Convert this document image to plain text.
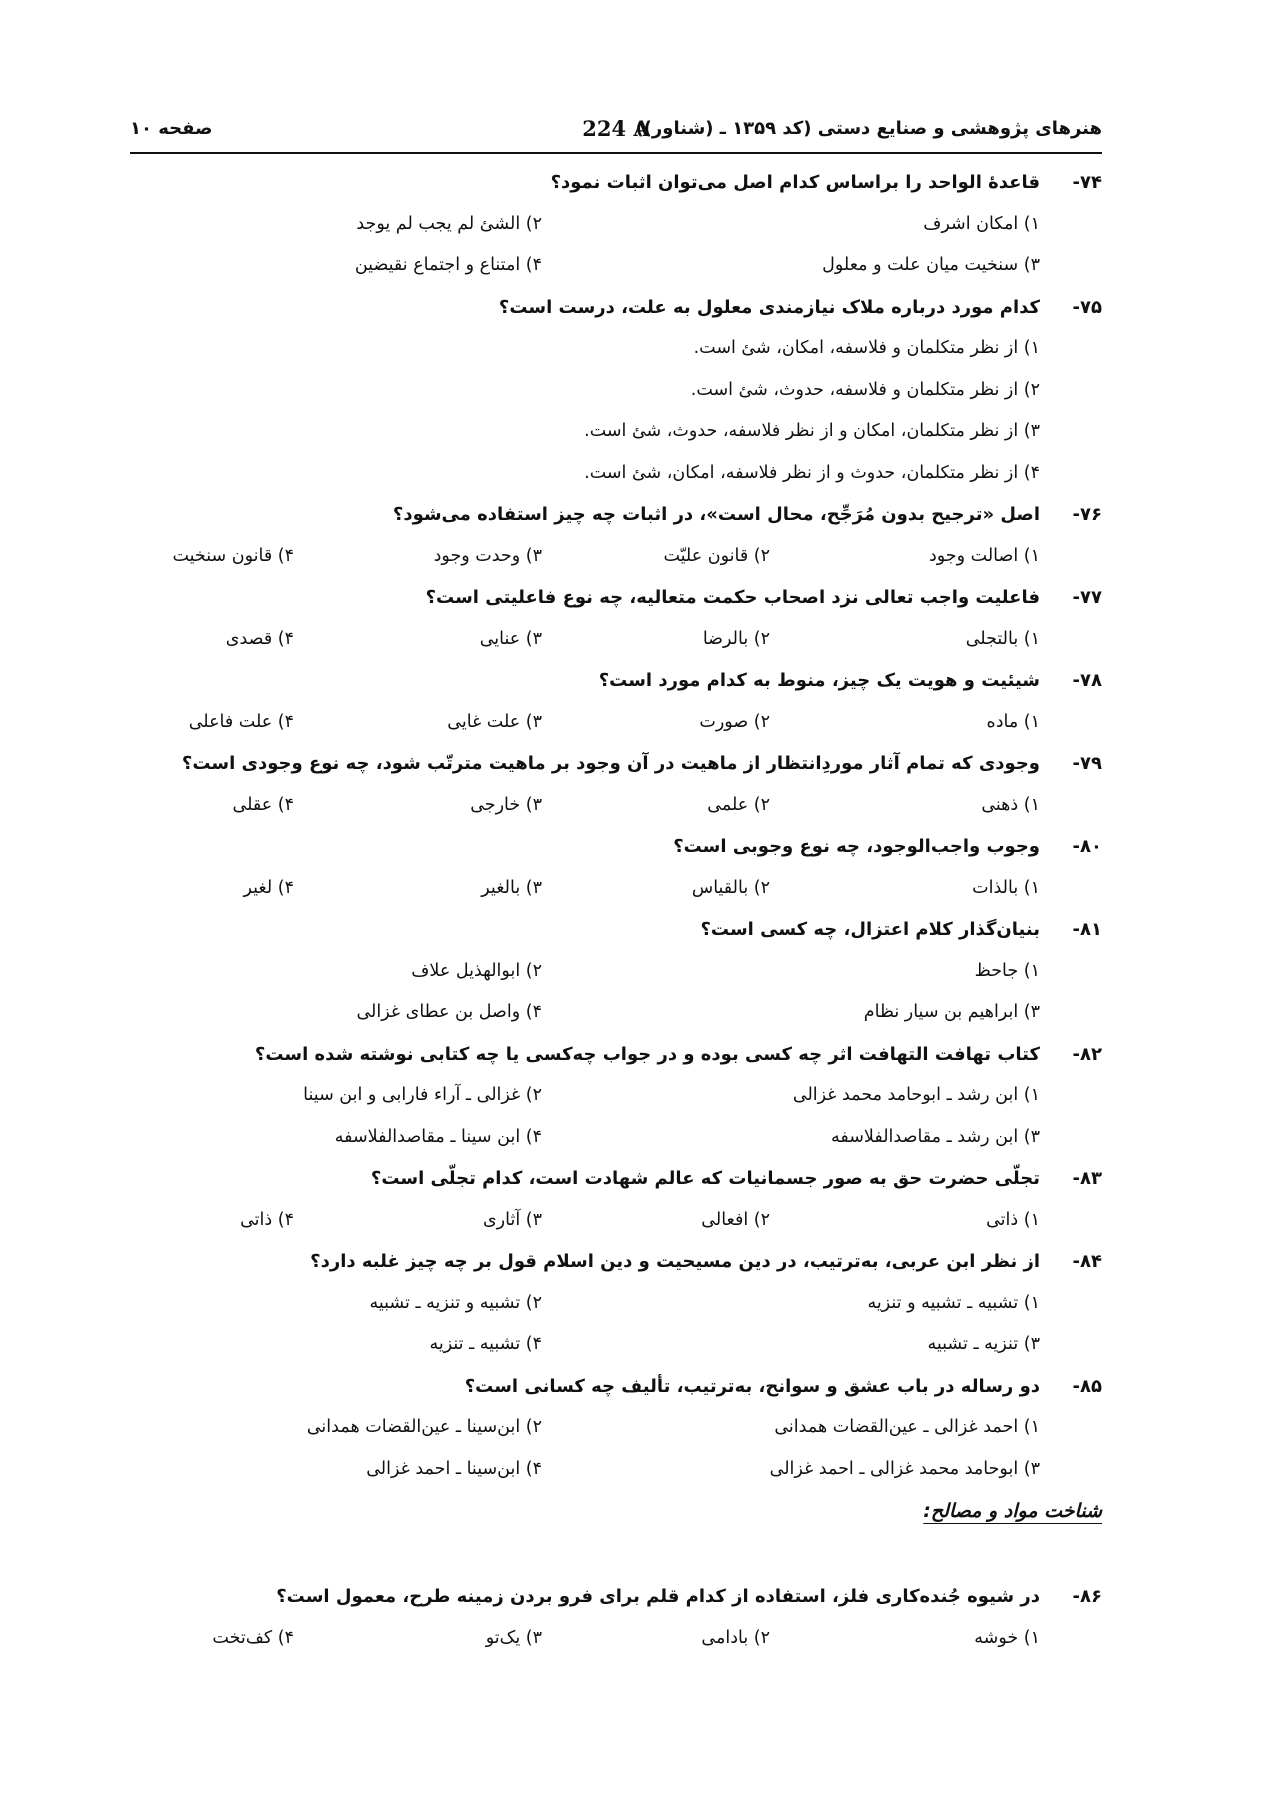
هنرهای پژوهشی و صنایع دستی (کد ۱۳۵۹ ـ (شناور))
224 A
صفحه ۱۰
۷۴-
قاعدۀ الواحد را براساس کدام اصل می‌توان اثبات نمود؟
۱) امکان اشرف
۲) الشئ لم یجب لم یوجد
۳) سنخیت میان علت و معلول
۴) امتناع و اجتماع نقیضین
۷۵-
کدام مورد درباره ملاک نیازمندی معلول به علت، درست است؟
۱) از نظر متکلمان و فلاسفه، امکان، شئ است.
۲) از نظر متکلمان و فلاسفه، حدوث، شئ است.
۳) از نظر متکلمان، امکان و از نظر فلاسفه، حدوث، شئ است.
۴) از نظر متکلمان، حدوث و از نظر فلاسفه، امکان، شئ است.
۷۶-
اصل «ترجیح بدون مُرَجِّح، محال است»، در اثبات چه چیز استفاده می‌شود؟
۱) اصالت وجود
۲) قانون علیّت
۳) وحدت وجود
۴) قانون سنخیت
۷۷-
فاعلیت واجب تعالی نزد اصحاب حکمت متعالیه، چه نوع فاعلیتی است؟
۱) بالتجلی
۲) بالرضا
۳) عنایی
۴) قصدی
۷۸-
شیئیت و هویت یک چیز، منوط به کدام مورد است؟
۱) ماده
۲) صورت
۳) علت غایی
۴) علت فاعلی
۷۹-
وجودی که تمام آثار موردِانتظار از ماهیت در آن وجود بر ماهیت مترتّب شود، چه نوع وجودی است؟
۱) ذهنی
۲) علمی
۳) خارجی
۴) عقلی
۸۰-
وجوب واجب‌الوجود، چه نوع وجوبی است؟
۱) بالذات
۲) بالقیاس
۳) بالغیر
۴) لغیر
۸۱-
بنیان‌گذار کلام اعتزال، چه کسی است؟
۱) جاحظ
۲) ابوالهذیل علاف
۳) ابراهیم بن سیار نظام
۴) واصل بن عطای غزالی
۸۲-
کتاب تهافت التهافت اثر چه کسی بوده و در جواب چه‌کسی یا چه کتابی نوشته شده است؟
۱) ابن رشد ـ ابوحامد محمد غزالی
۲) غزالی ـ آراء فارابی و ابن سینا
۳) ابن رشد ـ مقاصدالفلاسفه
۴) ابن سینا ـ مقاصدالفلاسفه
۸۳-
تجلّی حضرت حق به صور جسمانیات که عالم شهادت است، کدام تجلّی است؟
۱) ذاتی
۲) افعالی
۳) آثاری
۴) ذاتی
۸۴-
از نظر ابن عربی، به‌ترتیب، در دین مسیحیت و دین اسلام قول بر چه چیز غلبه دارد؟
۱) تشبیه ـ تشبیه و تنزیه
۲) تشبیه و تنزیه ـ تشبیه
۳) تنزیه ـ تشبیه
۴) تشبیه ـ تنزیه
۸۵-
دو رساله در باب عشق و سوانح، به‌ترتیب، تألیف چه کسانی است؟
۱) احمد غزالی ـ عین‌القضات همدانی
۲) ابن‌سینا ـ عین‌القضات همدانی
۳) ابوحامد محمد غزالی ـ احمد غزالی
۴) ابن‌سینا ـ احمد غزالی
شناخت مواد و مصالح:
۸۶-
در شیوه جُنده‌کاری فلز، استفاده از کدام قلم برای فرو بردن زمینه طرح، معمول است؟
۱) خوشه
۲) بادامی
۳) یک‌تو
۴) کف‌تخت
